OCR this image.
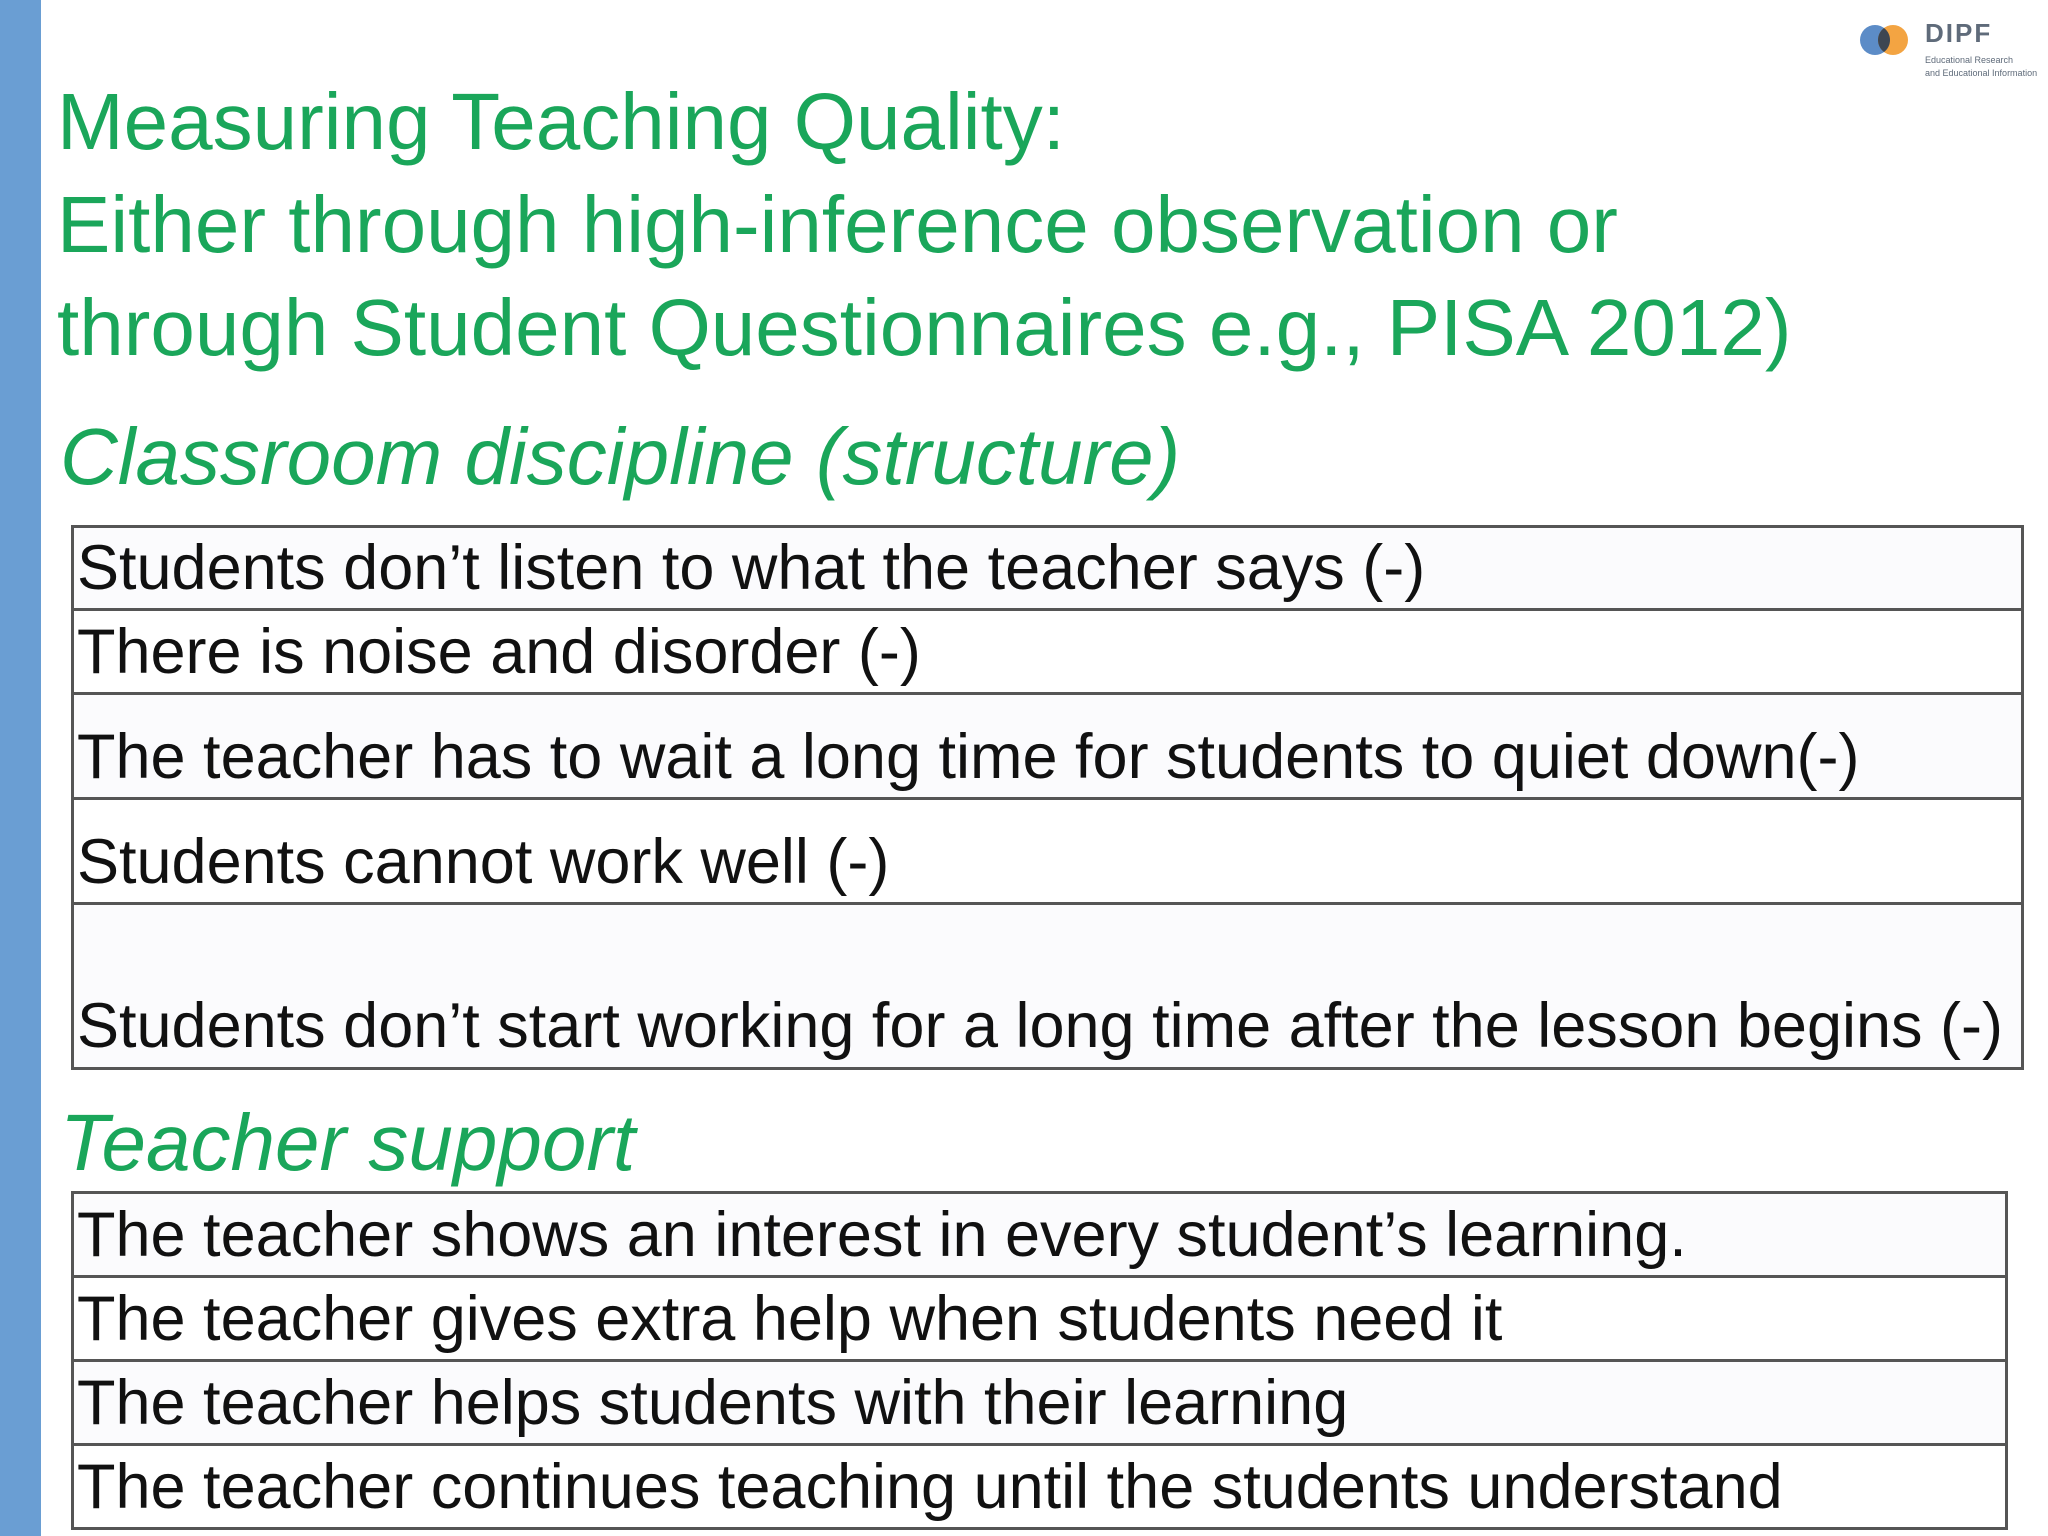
DIPF
Educational Research
and Educational Information
Measuring Teaching Quality:
Either through high-inference observation or
through Student Questionnaires e.g., PISA 2012)
Classroom discipline (structure)
Students don’t listen to what the teacher says (-)
There is noise and disorder (-)
The teacher has to wait a long time for students to quiet down(-)
Students cannot work well (-)
Students don’t start working for a long time after the lesson begins (-)
Teacher support
The teacher shows an interest in every student’s learning.
The teacher gives extra help when students need it
The teacher helps students with their learning
The teacher continues teaching until the students understand
